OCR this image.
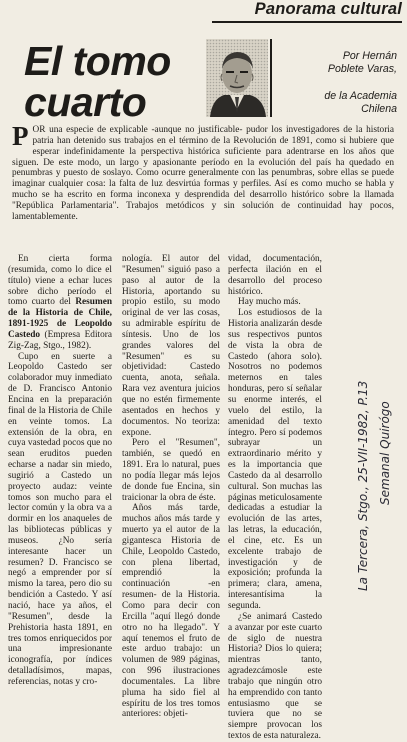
Panorama cultural
El tomo
cuarto
Por Hernán
Poblete Varas,
de la Academia
Chilena
P OR una especie de explicable -aunque no justificable- pudor los investigadores de la historia patria han detenido sus trabajos en el término de la Revolución de 1891, como si hubiere que esperar indefinidamente la perspectiva histórica suficiente para adentrarse en los años que siguen. De este modo, un largo y apasionante período en la evolución del país ha quedado en penumbras y puesto de soslayo. Como ocurre generalmente con las penumbras, sobre ellas se puede imaginar cualquier cosa: la falta de luz desvirtúa formas y perfiles. Así es como mucho se habla y mucho se ha escrito en forma inconexa y desprendida del desarrollo histórico sobre la llamada "República Parlamentaria". Trabajos metódicos y sin solución de continuidad hay pocos, lamentablemente.

En cierta forma (resumida, como lo dice el título) viene a echar luces sobre dicho período el tomo cuarto del Resumen de la Historia de Chile, 1891-1925 de Leopoldo Castedo (Empresa Editora Zig-Zag, Stgo., 1982).

Cupo en suerte a Leopoldo Castedo ser colaborador muy inmediato de D. Francisco Antonio Encina en la preparación final de la Historia de Chile en veinte tomos. La extensión de la obra, en cuya vastedad pocos que no sean eruditos pueden echarse a nadar sin miedo, sugirió a Castedo un proyecto audaz: veinte tomos son mucho para el lector común y la obra va a dormir en los anaqueles de las bibliotecas públicas y museos. ¿No sería interesante hacer un resumen? D. Francisco se negó a emprender por sí mismo la tarea, pero dio su bendición a Castedo. Y así nació, hace ya años, el "Resumen", desde la Prehistoria hasta 1891, en tres tomos enriquecidos por una impresionante iconografía, por índices detalladísimos, mapas, referencias, notas y cro-

nología. El autor del "Resumen" siguió paso a paso al autor de la Historia, aportando su propio estilo, su modo original de ver las cosas, su admirable espíritu de síntesis. Uno de los grandes valores del "Resumen" es su objetividad: Castedo cuenta, anota, señala. Rara vez aventura juicios que no estén firmemente asentados en hechos y documentos. No teoriza: expone.

Pero el "Resumen", también, se quedó en 1891. Era lo natural, pues no podía llegar más lejos de donde fue Encina, sin traicionar la obra de éste.

Años más tarde, muchos años más tarde y muerto ya el autor de la gigantesca Historia de Chile, Leopoldo Castedo, con plena libertad, emprendió la continuación -en resumen- de la Historia. Como para decir con Ercilla "aquí llegó donde otro no ha llegado". Y aquí tenemos el fruto de este arduo trabajo: un volumen de 989 páginas, con 996 ilustraciones documentales. La libre pluma ha sido fiel al espíritu de los tres tomos anteriores: objeti-

vidad, documentación, perfecta ilación en el desarrollo del proceso histórico.

Hay mucho más.

Los estudiosos de la Historia analizarán desde sus respectivos puntos de vista la obra de Castedo (ahora solo). Nosotros no podemos meternos en tales honduras, pero sí señalar su enorme interés, el vuelo del estilo, la amenidad del texto íntegro. Pero sí podemos subrayar un extraordinario mérito y es la importancia que Castedo da al desarrollo cultural. Son muchas las páginas meticulosamente dedicadas a estudiar la evolución de las artes, las letras, la educación, el cine, etc. Es un excelente trabajo de investigación y de exposición; profunda la primera; clara, amena, interesantísima la segunda.

¿Se animará Castedo a avanzar por este cuarto de siglo de nuestra Historia? Dios lo quiera; mientras tanto, agradezcámosle este trabajo que ningún otro ha emprendido con tanto entusiasmo que se tuviera que no se siempre provocan los textos de esta naturaleza.

La Tercera, Stgo., 25-VII-1982, P.13 Semanal Quirógo
